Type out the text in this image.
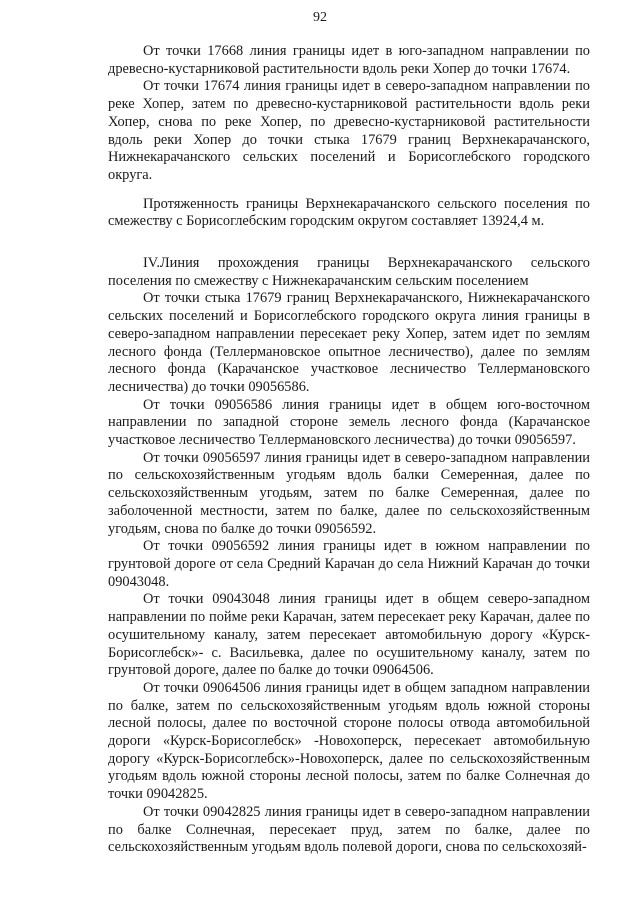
92

От точки 17668 линия границы идет в юго-западном направлении по древесно-кустарниковой растительности вдоль реки Хопер до точки 17674.

От точки 17674 линия границы идет в северо-западном направлении по реке Хопер, затем по древесно-кустарниковой растительности вдоль реки Хопер, снова по реке Хопер, по древесно-кустарниковой растительности вдоль реки Хопер до точки стыка 17679 границ Верхнекарачанского, Нижнекарачанского сельских поселений и Борисоглебского городского округа.

Протяженность границы Верхнекарачанского сельского поселения по смежеству с Борисоглебским городским округом составляет 13924,4 м.

IV.Линия прохождения границы Верхнекарачанского сельского поселения по смежеству с Нижнекарачанским сельским поселением

От точки стыка 17679 границ Верхнекарачанского, Нижнекарачанского сельских поселений и Борисоглебского городского округа линия границы в северо-западном направлении пересекает реку Хопер, затем идет по землям лесного фонда (Теллермановское опытное лесничество), далее по землям лесного фонда (Карачанское участковое лесничество Теллермановского лесничества) до точки 09056586.

От точки 09056586 линия границы идет в общем юго-восточном направлении по западной стороне земель лесного фонда (Карачанское участковое лесничество Теллермановского лесничества) до точки 09056597.

От точки 09056597 линия границы идет в северо-западном направлении по сельскохозяйственным угодьям вдоль балки Семеренная, далее по сельскохозяйственным угодьям, затем по балке Семеренная, далее по заболоченной местности, затем по балке, далее по сельскохозяйственным угодьям, снова по балке до точки 09056592.

От точки 09056592 линия границы идет в южном направлении по грунтовой дороге от села Средний Карачан до села Нижний Карачан до точки 09043048.

От точки 09043048 линия границы идет в общем северо-западном направлении по пойме реки Карачан, затем пересекает реку Карачан, далее по осушительному каналу, затем пересекает автомобильную дорогу «Курск-Борисоглебск»- с. Васильевка, далее по осушительному каналу, затем по грунтовой дороге, далее по балке до точки 09064506.

От точки 09064506 линия границы идет в общем западном направлении по балке, затем по сельскохозяйственным угодьям вдоль южной стороны лесной полосы, далее по восточной стороне полосы отвода автомобильной дороги «Курск-Борисоглебск» -Новохоперск, пересекает автомобильную дорогу «Курск-Борисоглебск»-Новохоперск, далее по сельскохозяйственным угодьям вдоль южной стороны лесной полосы, затем по балке Солнечная до точки 09042825.

От точки 09042825 линия границы идет в северо-западном направлении по балке Солнечная, пересекает пруд, затем по балке, далее по сельскохозяйственным угодьям вдоль полевой дороги, снова по сельскохозяй-
